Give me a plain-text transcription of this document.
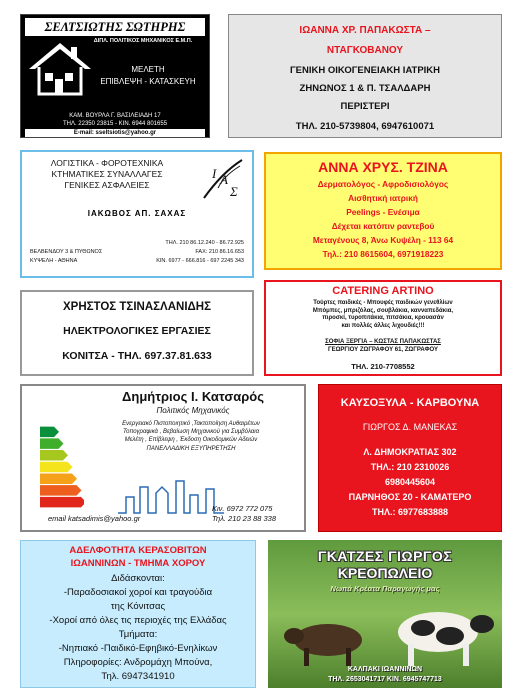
ΣΕΛΤΣΙΩΤΗΣ ΣΩΤΗΡΗΣ
ΔΙΠΛ. ΠΟΛΙΤΙΚΟΣ ΜΗΧΑΝΙΚΟΣ Ε.Μ.Π.
ΜΕΛΕΤΗ
ΕΠΙΒΛΕΨΗ - ΚΑΤΑΣΚΕΥΗ
ΚΑΜ. ΒΟΥΡΛΑ Γ. ΒΑΣΙΛΕΙΑΔΗ 17
ΤΗΛ. 22350 23815 - ΚΙΝ. 6944 801655
E-mail: sseltsiotis@yahoo.gr
ΙΩΑΝΝΑ ΧΡ. ΠΑΠΑΚΩΣΤΑ –
ΝΤΑΓΚΟΒΑΝΟΥ
ΓΕΝΙΚΗ ΟΙΚΟΓΕΝΕΙΑΚΗ ΙΑΤΡΙΚΗ
ΖΗΝΩΝΟΣ 1 & Π. ΤΣΑΛΔΑΡΗ
ΠΕΡΙΣΤΕΡΙ
ΤΗΛ. 210-5739804, 6947610071
ΛΟΓΙΣΤΙΚΑ - ΦΟΡΟΤΕΧΝΙΚΑ
ΚΤΗΜΑΤΙΚΕΣ ΣΥΝΑΛΛΑΓΕΣ
ΓΕΝΙΚΕΣ ΑΣΦΑΛΕΙΕΣ
Ι Α
Σ
ΙΑΚΩΒΟΣ ΑΠ. ΣΑΧΑΣ
ΤΗΛ. 210 86.12.240 - 86.72.925
ΒΕΛΒΕΝΔΟΥ 3 & ΠΥΘΩΝΟΣ	FAX: 210 86.16.653
ΚΥΨΕΛΗ - ΑΘΗΝΑ	ΚΙΝ. 6977 - 666.816 - 697 2245 343
ΑΝΝΑ ΧΡΥΣ. ΤΖΙΝΑ
Δερματολόγος - Αφροδισιολόγος
Αισθητική ιατρική
Peelings - Ενέσιμα
Δέχεται κατόπιν ραντεβού
Μεταγένους 8, Άνω Κυψέλη - 113 64
Τηλ.: 210 8615604, 6971918223
ΧΡΗΣΤΟΣ ΤΣΙΝΑΣΛΑΝΙΔΗΣ
ΗΛΕΚΤΡΟΛΟΓΙΚΕΣ ΕΡΓΑΣΙΕΣ
ΚΟΝΙΤΣΑ - ΤΗΛ. 697.37.81.633
CATERING ARTINO
Τούρτες παιδικές - Μπουφές παιδικών γενεθλίων
Μπόμπες, μπριζόλας, σουβλάκια, κανναπεδάκια,
πιροσκί, τυροπιτάκια, πιτσάκια, κρουασάν
και πολλές άλλες λιχουδιές!!!
ΣΟΦΙΑ ΞΕΡΓΙΑ – ΚΩΣΤΑΣ ΠΑΠΑΚΩΣΤΑΣ
ΓΕΩΡΓΙΟΥ ΖΩΓΡΑΦΟΥ 61, ΖΩΓΡΑΦΟΥ
ΤΗΛ. 210-7708552
Δημήτριος Ι. Κατσαρός
Πολιτικός Μηχανικός
Ενεργειακό Πιστοποιητικό ,Τακτοποίηση Αυθαιρέτων
Τοπογραφικά , Βεβαίωση Μηχανικού για Συμβόλαια
Μελέτη , Επίβλεψη , Έκδοση Οικοδομικών Αδειών
ΠΑΝΕΛΛΑΔΙΚΗ ΕΞΥΠΗΡΕΤΗΣΗ
Κιν. 6972 772 075
Τηλ. 210 23 88 338
email katsadimis@yahoo.gr
ΚΑΥΣΟΞΥΛΑ - ΚΑΡΒΟΥΝΑ
ΓΙΩΡΓΟΣ Δ. ΜΑΝΕΚΑΣ
Λ. ΔΗΜΟΚΡΑΤΙΑΣ 302
ΤΗΛ.: 210 2310026
6980445604
ΠΑΡΝΗΘΟΣ 20 - ΚΑΜΑΤΕΡΟ
ΤΗΛ.: 6977683888
ΑΔΕΛΦΟΤΗΤΑ ΚΕΡΑΣΟΒΙΤΩΝ
ΙΩΑΝΝΙΝΩΝ - ΤΜΗΜΑ ΧΟΡΟΥ
Διδάσκονται:
-Παραδοσιακοί χοροί και τραγούδια
της Κόνιτσας
-Χοροί από όλες τις περιοχές της Ελλάδας
Τμήματα:
-Νηπιακό -Παιδικό-Εφηβικό-Ενηλίκων
Πληροφορίες: Ανδρομάχη Μπούνα,
Τηλ. 6947341910
ΓΚΑΤΖΕΣ ΓΙΩΡΓΟΣ
ΚΡΕΟΠΩΛΕΙΟ
Νωπά Κρέατα Παραγωγής μας
ΚΑΛΠΑΚΙ ΙΩΑΝΝΙΝΩΝ
ΤΗΛ. 2653041717 ΚΙΝ. 6945747713
